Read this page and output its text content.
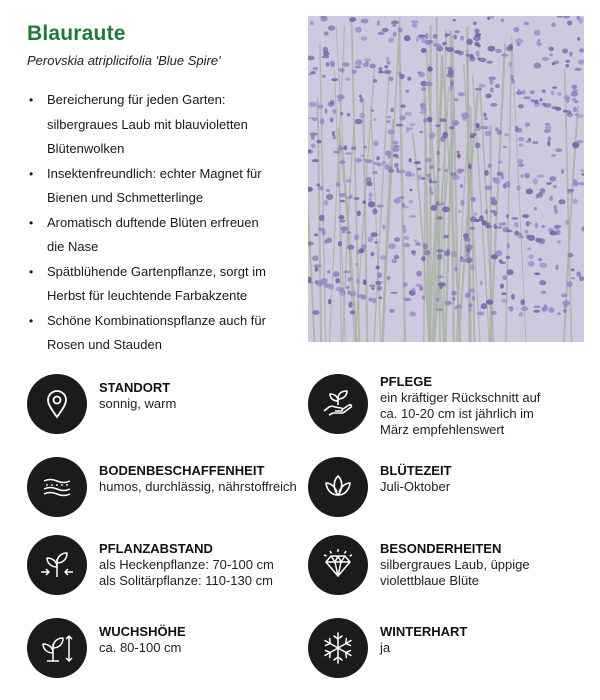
Blauraute
Perovskia atriplicifolia 'Blue Spire'
• Bereicherung für jeden Garten:
silbergraues Laub mit blauvioletten
Blütenwolken
• Insektenfreundlich: echter Magnet für
Bienen und Schmetterlinge
• Aromatisch duftende Blüten erfreuen
die Nase
• Spätblühende Gartenpflanze, sorgt im
Herbst für leuchtende Farbakzente
• Schöne Kombinationspflanze auch für
Rosen und Stauden
STANDORT
sonnig, warm
PFLEGE
ein kräftiger Rückschnitt auf
ca. 10-20 cm ist jährlich im
März empfehlenswert
BODENBESCHAFFENHEIT
humos, durchlässig, nährstoffreich
BLÜTEZEIT
Juli-Oktober
PFLANZABSTAND
als Heckenpflanze: 70-100 cm
als Solitärpflanze: 110-130 cm
BESONDERHEITEN
silbergraues Laub, üppige
violettblaue Blüte
WUCHSHÖHE
ca. 80-100 cm
WINTERHART
ja
